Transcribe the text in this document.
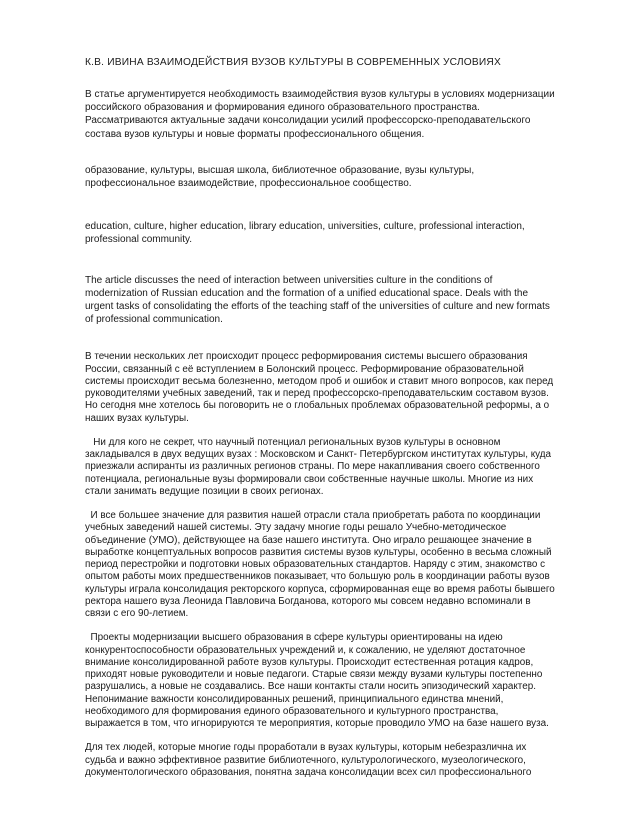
К.В. ИВИНА ВЗАИМОДЕЙСТВИЯ ВУЗОВ КУЛЬТУРЫ В СОВРЕМЕННЫХ УСЛОВИЯХ

В статье аргументируется необходимость взаимодействия вузов культуры в условиях модернизации российского образования и формирования единого образовательного пространства. Рассматриваются актуальные задачи консолидации усилий профессорско-преподавательского состава вузов культуры и новые форматы профессионального общения.

образование, культуры, высшая школа, библиотечное образование, вузы культуры, профессиональное взаимодействие, профессиональное сообщество.

education, culture, higher education, library education, universities, culture, professional interaction, professional community.

The article discusses the need of interaction between universities culture in the conditions of modernization of Russian education and the formation of a unified educational space. Deals with the urgent tasks of consolidating the efforts of the teaching staff of the universities of culture and new formats of professional communication.

В течении нескольких лет происходит процесс реформирования системы высшего образования России, связанный с её вступлением в Болонский процесс. Реформирование образовательной системы происходит весьма болезненно, методом проб и ошибок и ставит много вопросов, как перед руководителями учебных заведений, так и перед профессорско-преподавательским составом вузов. Но сегодня мне хотелось бы поговорить не о глобальных проблемах образовательной реформы, а о наших вузах культуры.

Ни для кого не секрет, что научный потенциал региональных вузов культуры в основном закладывался в двух ведущих вузах : Московском и Санкт- Петербургском институтах культуры, куда приезжали аспиранты из различных регионов страны. По мере накапливания своего собственного потенциала, региональные вузы формировали свои собственные научные школы. Многие из них стали занимать ведущие позиции в своих регионах.

И все большее значение для развития нашей отрасли стала приобретать работа по координации учебных заведений нашей системы. Эту задачу многие годы решало Учебно-методическое объединение (УМО), действующее на базе нашего института. Оно играло решающее значение в выработке концептуальных вопросов развития системы вузов культуры, особенно в весьма сложный период перестройки и подготовки новых образовательных стандартов. Наряду с этим, знакомство с опытом работы моих предшественников показывает, что большую роль в координации работы вузов культуры играла консолидация ректорского корпуса, сформированная еще во время работы бывшего ректора нашего вуза Леонида Павловича Богданова, которого мы совсем недавно вспоминали в связи с его 90-летием.

Проекты модернизации высшего образования в сфере культуры ориентированы на идею конкурентоспособности образовательных учреждений и, к сожалению, не уделяют достаточное внимание консолидированной работе вузов культуры. Происходит естественная ротация кадров, приходят новые руководители и новые педагоги. Старые связи между вузами культуры постепенно разрушались, а новые не создавались. Все наши контакты стали носить эпизодический характер. Непонимание важности консолидированных решений, принципиального единства мнений, необходимого для формирования единого образовательного и культурного пространства, выражается в том, что игнорируются те мероприятия, которые проводило УМО на базе нашего вуза.

Для тех людей, которые многие годы проработали в вузах культуры, которым небезразлична их судьба и важно эффективное развитие библиотечного, культурологического, музеологического, документологического образования, понятна задача консолидации всех сил профессионального
